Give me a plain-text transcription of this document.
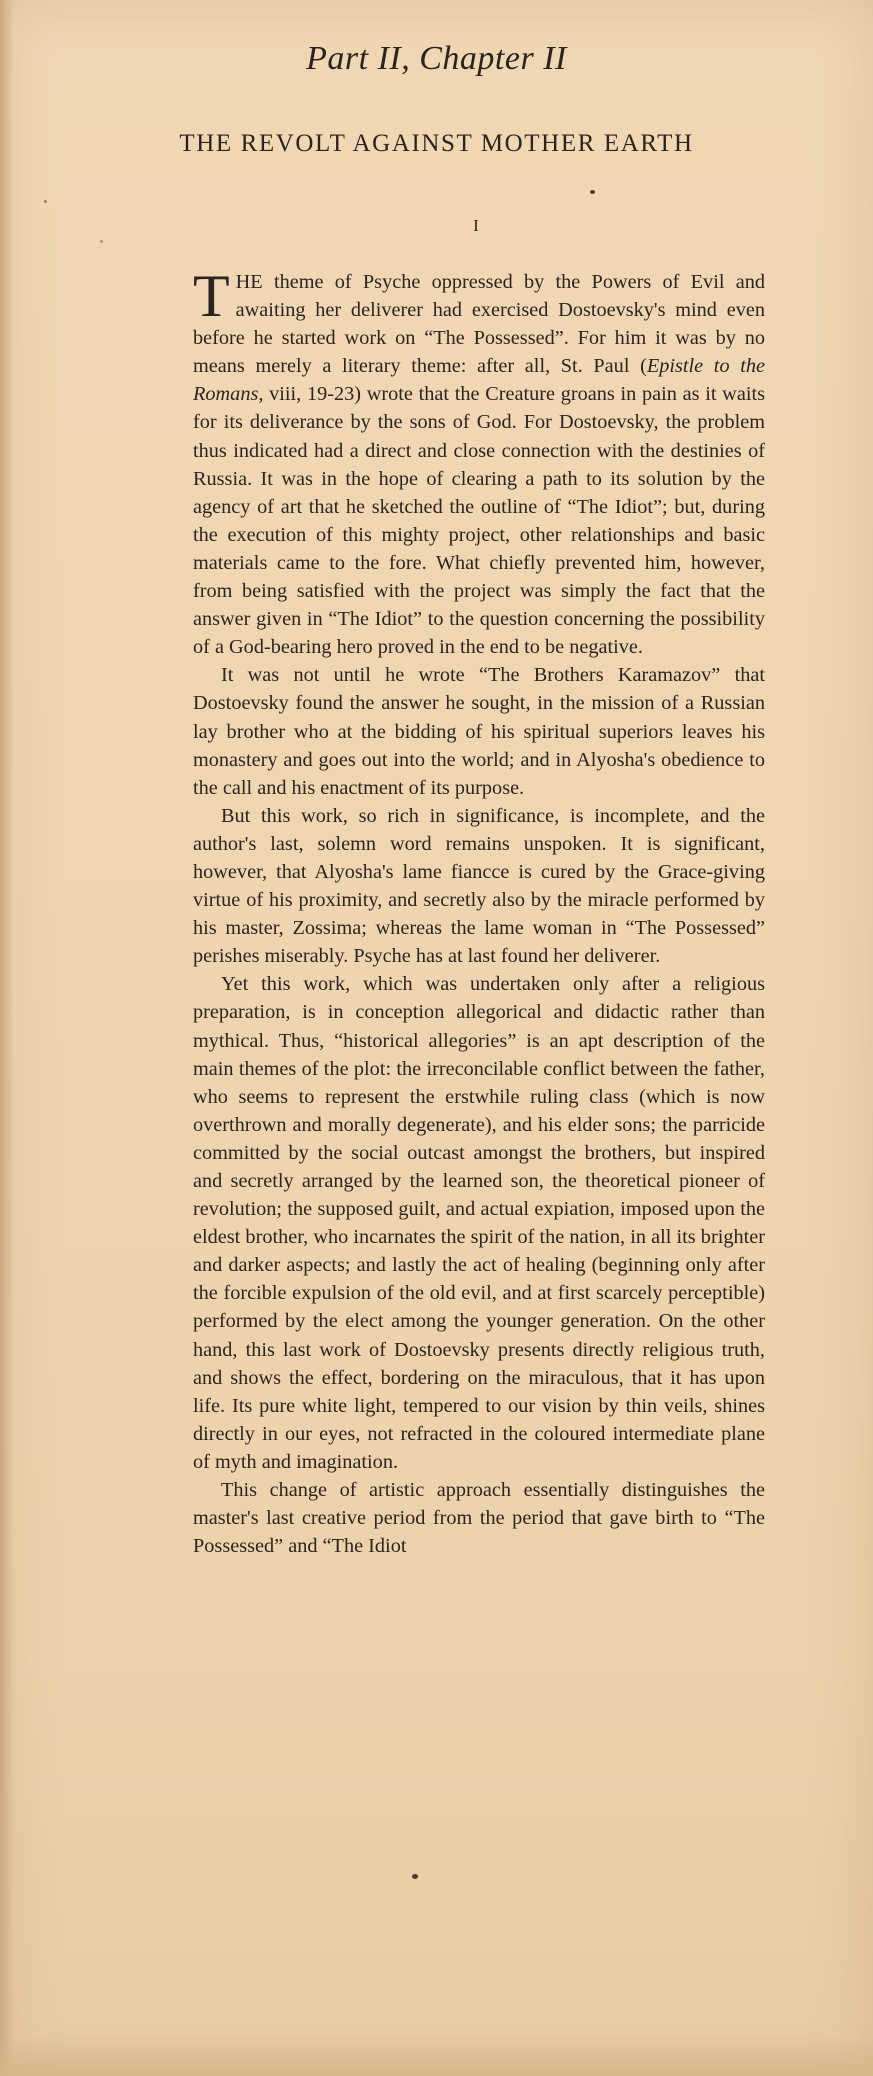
Part II, Chapter II
THE REVOLT AGAINST MOTHER EARTH
I

THE theme of Psyche oppressed by the Powers of Evil and awaiting her deliverer had exercised Dostoevsky's mind even before he started work on “The Possessed”. For him it was by no means merely a literary theme: after all, St. Paul (Epistle to the Romans, viii, 19-23) wrote that the Creature groans in pain as it waits for its deliverance by the sons of God. For Dostoevsky, the problem thus indicated had a direct and close connection with the destinies of Russia. It was in the hope of clearing a path to its solution by the agency of art that he sketched the outline of “The Idiot”; but, during the execution of this mighty project, other relationships and basic materials came to the fore. What chiefly prevented him, however, from being satisfied with the project was simply the fact that the answer given in “The Idiot” to the question concerning the possibility of a God-bearing hero proved in the end to be negative.

It was not until he wrote “The Brothers Karamazov” that Dostoevsky found the answer he sought, in the mission of a Russian lay brother who at the bidding of his spiritual superiors leaves his monastery and goes out into the world; and in Alyosha's obedience to the call and his enactment of its purpose.

But this work, so rich in significance, is incomplete, and the author's last, solemn word remains unspoken. It is significant, however, that Alyosha's lame fiancce is cured by the Grace-giving virtue of his proximity, and secretly also by the miracle performed by his master, Zossima; whereas the lame woman in “The Possessed” perishes miserably. Psyche has at last found her deliverer.

Yet this work, which was undertaken only after a religious preparation, is in conception allegorical and didactic rather than mythical. Thus, “historical allegories” is an apt description of the main themes of the plot: the irreconcilable conflict between the father, who seems to represent the erstwhile ruling class (which is now overthrown and morally degenerate), and his elder sons; the parricide committed by the social outcast amongst the brothers, but inspired and secretly arranged by the learned son, the theoretical pioneer of revolution; the supposed guilt, and actual expiation, imposed upon the eldest brother, who incarnates the spirit of the nation, in all its brighter and darker aspects; and lastly the act of healing (beginning only after the forcible expulsion of the old evil, and at first scarcely perceptible) performed by the elect among the younger generation. On the other hand, this last work of Dostoevsky presents directly religious truth, and shows the effect, bordering on the miraculous, that it has upon life. Its pure white light, tempered to our vision by thin veils, shines directly in our eyes, not refracted in the coloured intermediate plane of myth and imagination.

This change of artistic approach essentially distinguishes the master's last creative period from the period that gave birth to “The Possessed” and “The Idiot
